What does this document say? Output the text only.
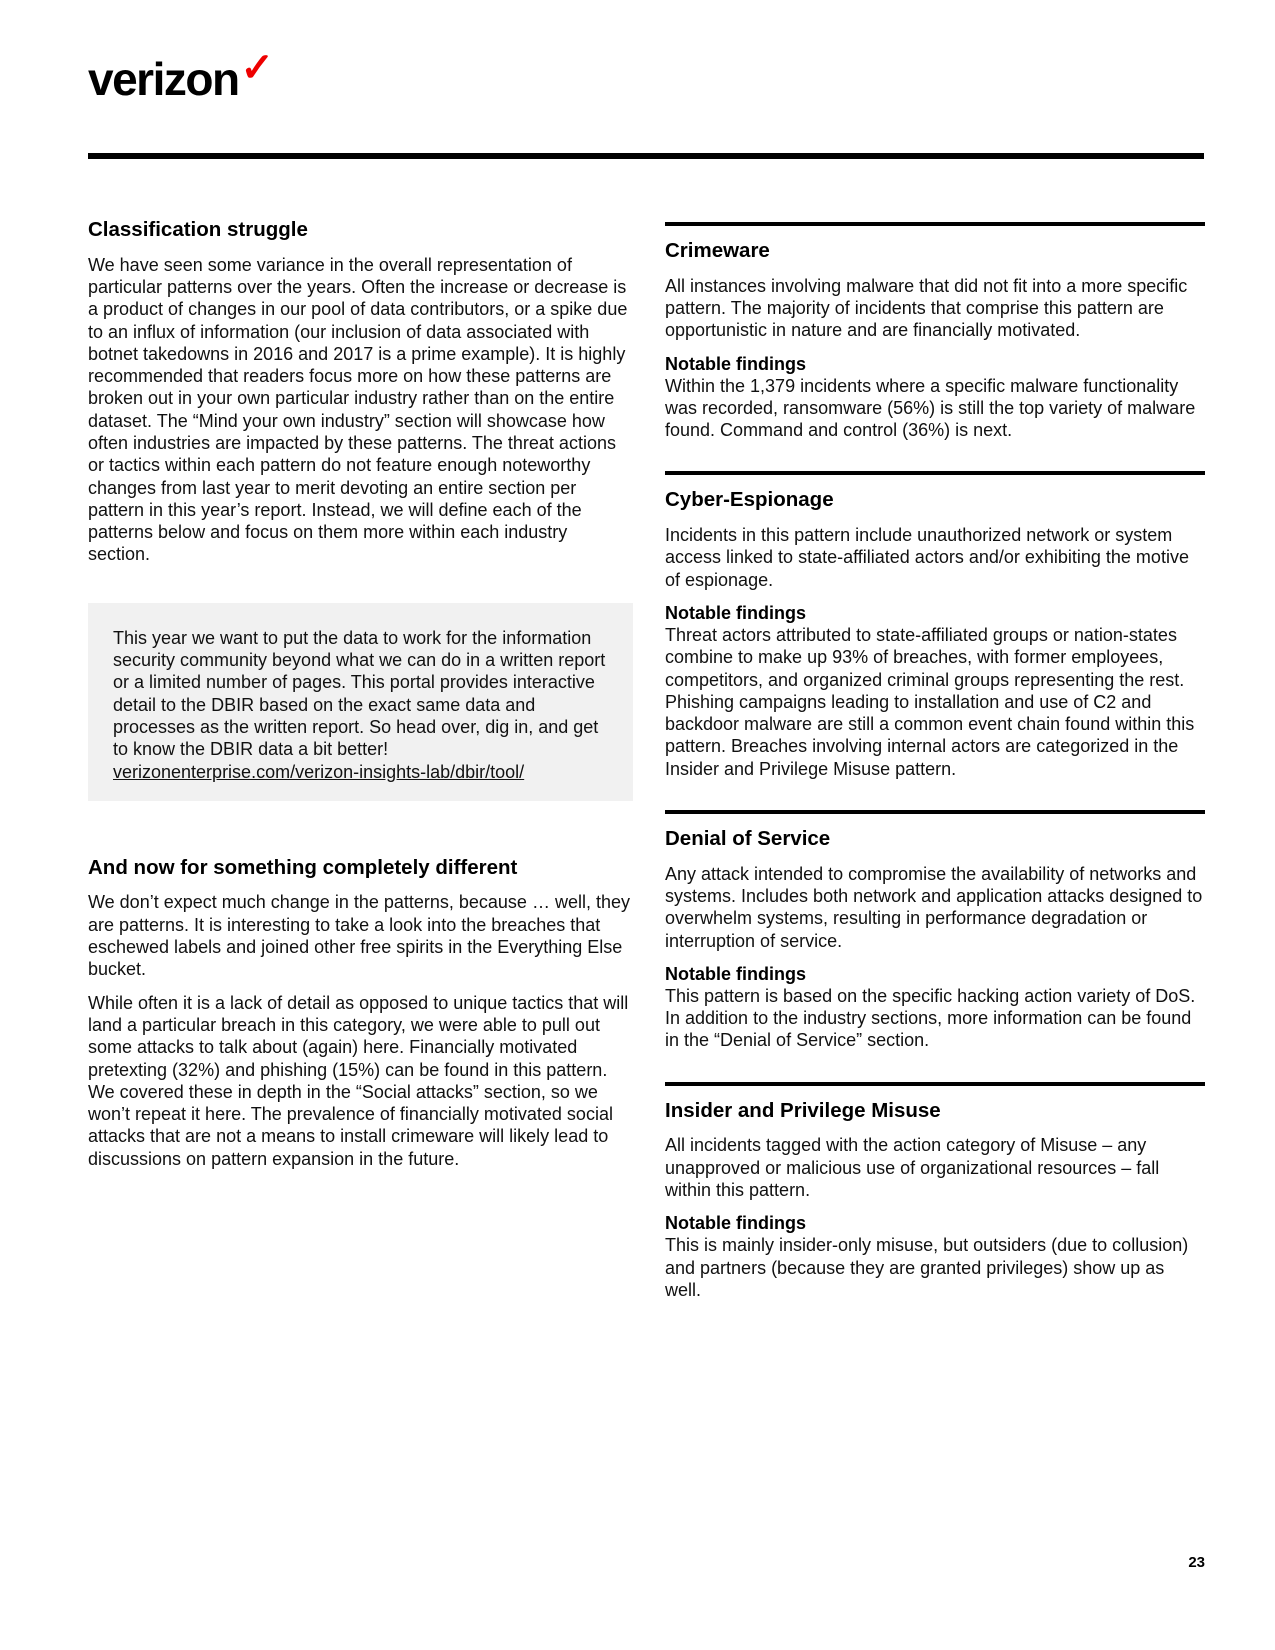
verizon✓
Classification struggle

We have seen some variance in the overall representation of particular patterns over the years. Often the increase or decrease is a product of changes in our pool of data contributors, or a spike due to an influx of information (our inclusion of data associated with botnet takedowns in 2016 and 2017 is a prime example). It is highly recommended that readers focus more on how these patterns are broken out in your own particular industry rather than on the entire dataset. The “Mind your own industry” section will showcase how often industries are impacted by these patterns. The threat actions or tactics within each pattern do not feature enough noteworthy changes from last year to merit devoting an entire section per pattern in this year’s report. Instead, we will define each of the patterns below and focus on them more within each industry section.

This year we want to put the data to work for the information security community beyond what we can do in a written report or a limited number of pages. This portal provides interactive detail to the DBIR based on the exact same data and processes as the written report. So head over, dig in, and get to know the DBIR data a bit better!

verizonenterprise.com/verizon-insights-lab/dbir/tool/

And now for something completely different

We don’t expect much change in the patterns, because … well, they are patterns. It is interesting to take a look into the breaches that eschewed labels and joined other free spirits in the Everything Else bucket.

While often it is a lack of detail as opposed to unique tactics that will land a particular breach in this category, we were able to pull out some attacks to talk about (again) here. Financially motivated pretexting (32%) and phishing (15%) can be found in this pattern. We covered these in depth in the “Social attacks” section, so we won’t repeat it here. The prevalence of financially motivated social attacks that are not a means to install crimeware will likely lead to discussions on pattern expansion in the future.

Crimeware

All instances involving malware that did not fit into a more specific pattern. The majority of incidents that comprise this pattern are opportunistic in nature and are financially motivated.

Notable findings

Within the 1,379 incidents where a specific malware functionality was recorded, ransomware (56%) is still the top variety of malware found. Command and control (36%) is next.

Cyber-Espionage

Incidents in this pattern include unauthorized network or system access linked to state-affiliated actors and/or exhibiting the motive of espionage.

Notable findings

Threat actors attributed to state-affiliated groups or nation-states combine to make up 93% of breaches, with former employees, competitors, and organized criminal groups representing the rest. Phishing campaigns leading to installation and use of C2 and backdoor malware are still a common event chain found within this pattern. Breaches involving internal actors are categorized in the Insider and Privilege Misuse pattern.

Denial of Service

Any attack intended to compromise the availability of networks and systems. Includes both network and application attacks designed to overwhelm systems, resulting in performance degradation or interruption of service.

Notable findings

This pattern is based on the specific hacking action variety of DoS. In addition to the industry sections, more information can be found in the “Denial of Service” section.

Insider and Privilege Misuse

All incidents tagged with the action category of Misuse – any unapproved or malicious use of organizational resources – fall within this pattern.

Notable findings

This is mainly insider-only misuse, but outsiders (due to collusion) and partners (because they are granted privileges) show up as well.

23
